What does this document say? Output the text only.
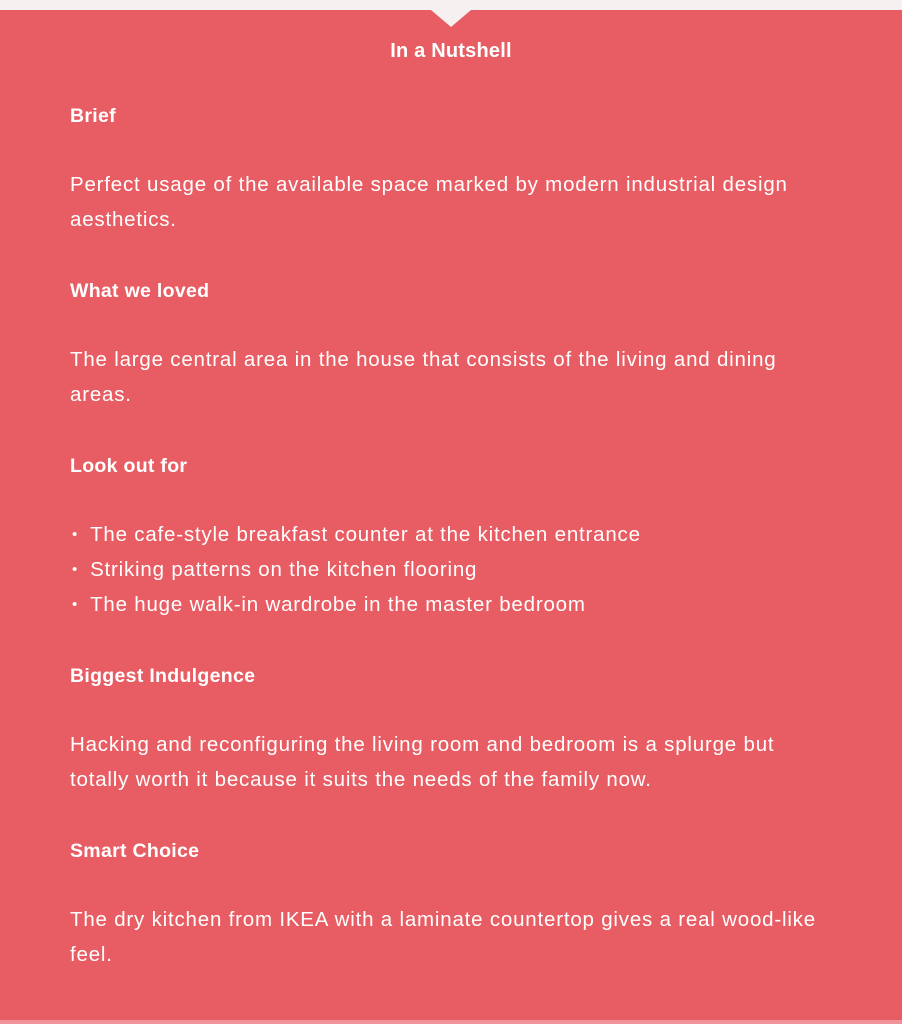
In a Nutshell
Brief

Perfect usage of the available space marked by modern industrial design aesthetics.

What we loved

The large central area in the house that consists of the living and dining areas.

Look out for
• The cafe-style breakfast counter at the kitchen entrance
• Striking patterns on the kitchen flooring
• The huge walk-in wardrobe in the master bedroom
Biggest Indulgence

Hacking and reconfiguring the living room and bedroom is a splurge but totally worth it because it suits the needs of the family now.

Smart Choice

The dry kitchen from IKEA with a laminate countertop gives a real wood-like feel.
